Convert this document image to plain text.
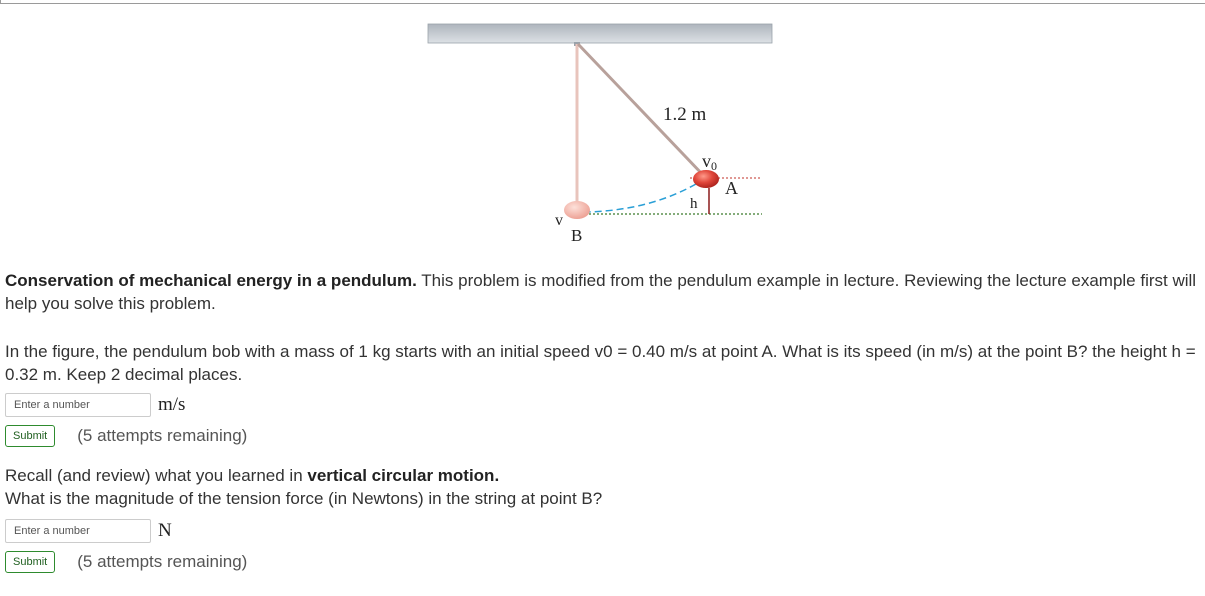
1.2 m
v0
A
h
v
B
Conservation of mechanical energy in a pendulum. This problem is modified from the pendulum example in lecture. Reviewing the lecture example first will help you solve this problem.
In the figure, the pendulum bob with a mass of 1 kg starts with an initial speed v0 = 0.40 m/s at point A. What is its speed (in m/s) at the point B? the height h = 0.32 m. Keep 2 decimal places.
Enter a number
m/s
Submit	(5 attempts remaining)
Recall (and review) what you learned in vertical circular motion.
What is the magnitude of the tension force (in Newtons) in the string at point B?
Enter a number
N
Submit	(5 attempts remaining)
